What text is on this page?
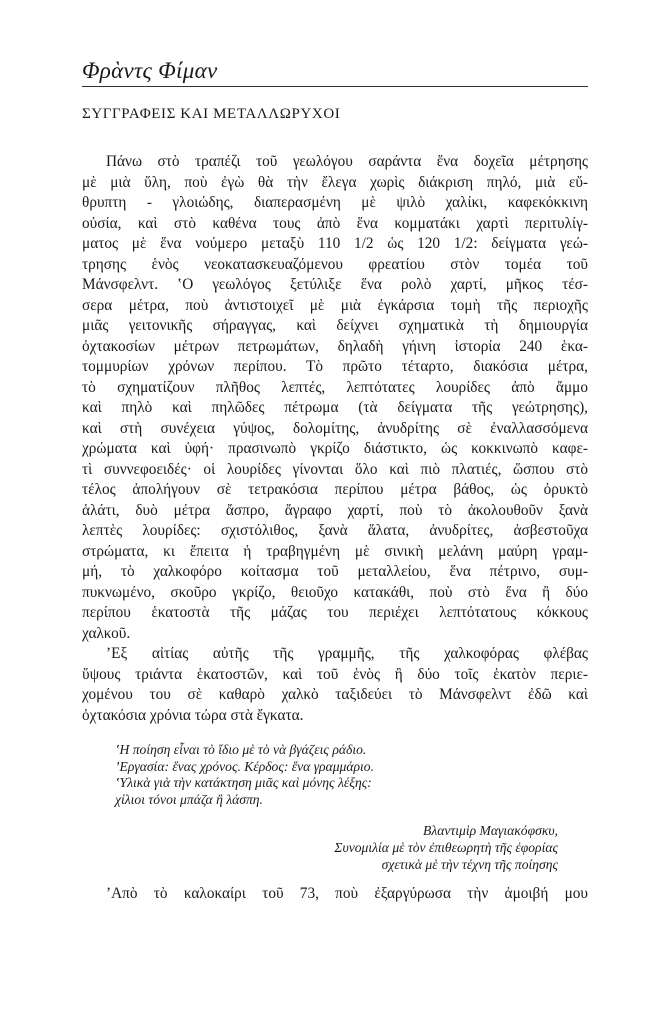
Φρὰντς Φίμαν
ΣΥΓΓΡΑΦΕΙΣ ΚΑΙ ΜΕΤΑΛΛΩΡΥΧΟΙ
Πάνω στὸ τραπέζι τοῦ γεωλόγου σαράντα ἕνα δοχεῖα μέτρησης
μὲ μιὰ ὕλη, ποὺ ἐγὼ θὰ τὴν ἔλεγα χωρὶς διάκριση πηλό, μιὰ εὔ-
θρυπτη - γλοιώδης, διαπερασμένη μὲ ψιλὸ χαλίκι, καφεκόκκινη
οὐσία, καὶ στὸ καθένα τους ἀπὸ ἕνα κομματάκι χαρτὶ περιτυλίγ-
ματος μὲ ἕνα νούμερο μεταξὺ 110 1/2 ὡς 120 1/2: δείγματα γεώ-
τρησης ἑνὸς νεοκατασκευαζόμενου φρεατίου στὸν τομέα τοῦ
Μάνσφελντ. ʽΟ γεωλόγος ξετύλιξε ἕνα ρολὸ χαρτί, μῆκος τέσ-
σερα μέτρα, ποὺ ἀντιστοιχεῖ μὲ μιὰ ἐγκάρσια τομὴ τῆς περιοχῆς
μιᾶς γειτονικῆς σήραγγας, καὶ δείχνει σχηματικὰ τὴ δημιουργία
ὀχτακοσίων μέτρων πετρωμάτων, δηλαδὴ γήινη ἱστορία 240 ἑκα-
τομμυρίων χρόνων περίπου. Τὸ πρῶτο τέταρτο, διακόσια μέτρα,
τὸ σχηματίζουν πλῆθος λεπτές, λεπτότατες λουρίδες ἀπὸ ἄμμο
καὶ πηλὸ καὶ πηλῶδες πέτρωμα (τὰ δείγματα τῆς γεώτρησης),
καὶ στὴ συνέχεια γύψος, δολομίτης, ἀνυδρίτης σὲ ἐναλλασσόμενα
χρώματα καὶ ὑφή· πρασινωπὸ γκρίζο διάστικτο, ὡς κοκκινωπὸ καφε-
τὶ συννεφοειδές· οἱ λουρίδες γίνονται ὅλο καὶ πιὸ πλατιές, ὥσπου στὸ
τέλος ἀπολήγουν σὲ τετρακόσια περίπου μέτρα βάθος, ὡς ὀρυκτὸ
ἁλάτι, δυὸ μέτρα ἄσπρο, ἄγραφο χαρτί, ποὺ τὸ ἀκολουθοῦν ξανὰ
λεπτὲς λουρίδες: σχιστόλιθος, ξανὰ ἅλατα, ἀνυδρίτες, ἀσβεστοῦχα
στρώματα, κι ἔπειτα ἡ τραβηγμένη μὲ σινικὴ μελάνη μαύρη γραμ-
μή, τὸ χαλκοφόρο κοίτασμα τοῦ μεταλλείου, ἕνα πέτρινο, συμ-
πυκνωμένο, σκοῦρο γκρίζο, θειοῦχο κατακάθι, ποὺ στὸ ἕνα ἢ δύο
περίπου ἑκατοστὰ τῆς μάζας του περιέχει λεπτότατους κόκκους
χαλκοῦ.
ʼΕξ αἰτίας αὐτῆς τῆς γραμμῆς, τῆς χαλκοφόρας φλέβας
ὕψους τριάντα ἑκατοστῶν, καὶ τοῦ ἑνὸς ἢ δύο τοῖς ἑκατὸν περιε-
χομένου του σὲ καθαρὸ χαλκὸ ταξιδεύει τὸ Μάνσφελντ ἐδῶ καὶ
ὀχτακόσια χρόνια τώρα στὰ ἔγκατα.
ʽΗ ποίηση εἶναι τὸ ἴδιο μὲ τὸ νὰ βγάζεις ράδιο.
ʼΕργασία: ἕνας χρόνος. Κέρδος: ἕνα γραμμάριο.
ʽΥλικὰ γιὰ τὴν κατάκτηση μιᾶς καὶ μόνης λέξης:
χίλιοι τόνοι μπάζα ἢ λάσπη.
Βλαντιμὶρ Μαγιακόφσκυ,
Συνομιλία μὲ τὸν ἐπιθεωρητὴ τῆς ἐφορίας
σχετικὰ μὲ τὴν τέχνη τῆς ποίησης
ʼΑπὸ τὸ καλοκαίρι τοῦ 73, ποὺ ἐξαργύρωσα τὴν ἀμοιβή μου
